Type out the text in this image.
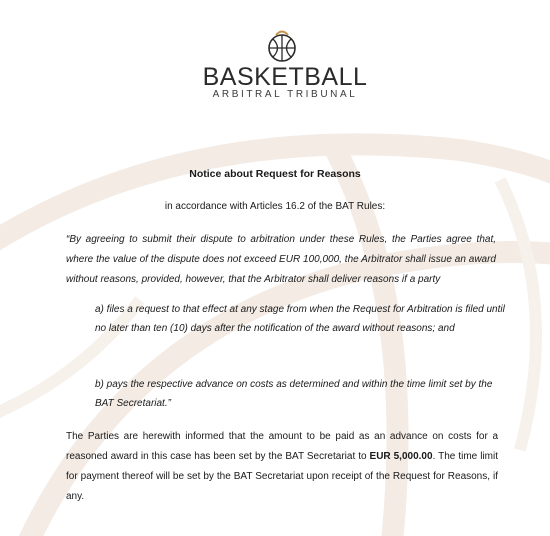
BASKETBALL
ARBITRAL TRIBUNAL
Notice about Request for Reasons
in accordance with Articles 16.2 of the BAT Rules:
“By agreeing to submit their dispute to arbitration under these Rules, the Parties agree that, where the value of the dispute does not exceed EUR 100,000, the Arbitrator shall issue an award without reasons, provided, however, that the Arbitrator shall deliver reasons if a party
a) files a request to that effect at any stage from when the Request for Arbitration is filed until no later than ten (10) days after the notification of the award without reasons; and
b) pays the respective advance on costs as determined and within the time limit set by the BAT Secretariat.”
The Parties are herewith informed that the amount to be paid as an advance on costs for a reasoned award in this case has been set by the BAT Secretariat to EUR 5,000.00. The time limit for payment thereof will be set by the BAT Secretariat upon receipt of the Request for Reasons, if any.
